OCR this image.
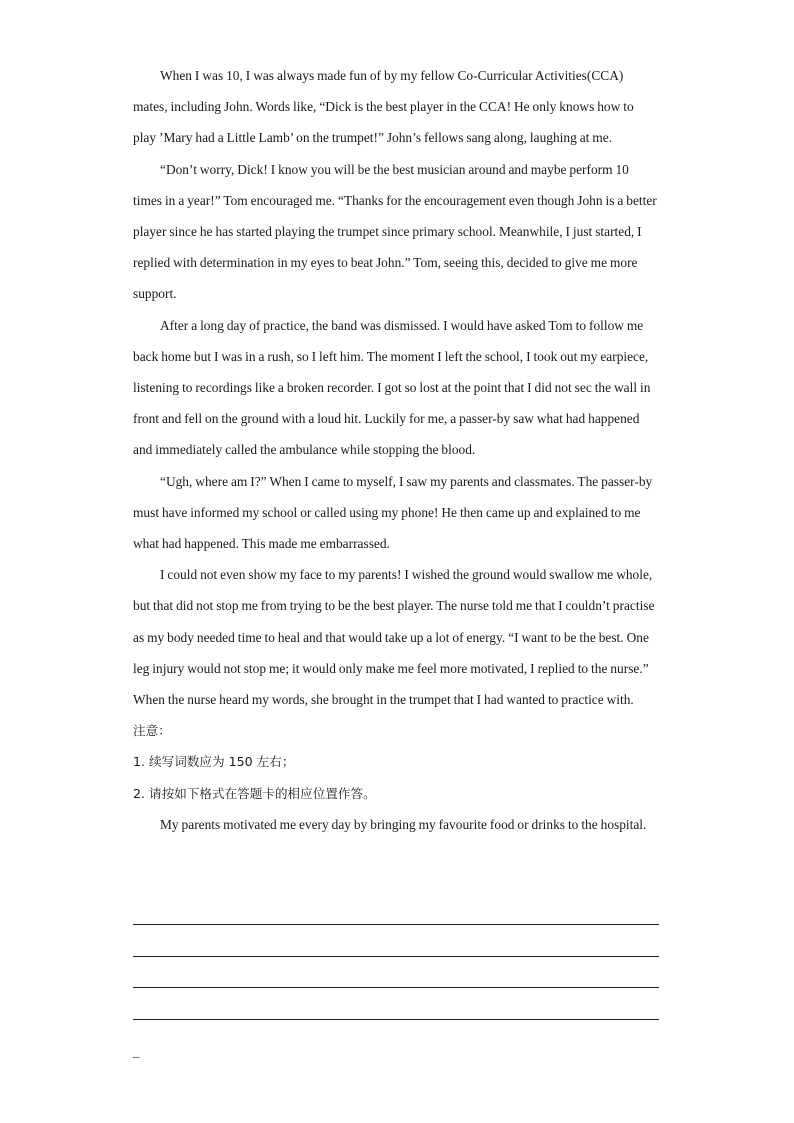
When I was 10, I was always made fun of by my fellow Co-Curricular Activities(CCA) mates, including John. Words like, “Dick is the best player in the CCA! He only knows how to play ’Mary had a Little Lamb’ on the trumpet!” John’s fellows sang along, laughing at me.

“Don’t worry, Dick! I know you will be the best musician around and maybe perform 10 times in a year!” Tom encouraged me. “Thanks for the encouragement even though John is a better player since he has started playing the trumpet since primary school. Meanwhile, I just started, I replied with determination in my eyes to beat John.” Tom, seeing this, decided to give me more support.

After a long day of practice, the band was dismissed. I would have asked Tom to follow me back home but I was in a rush, so I left him. The moment I left the school, I took out my earpiece, listening to recordings like a broken recorder. I got so lost at the point that I did not sec the wall in front and fell on the ground with a loud hit. Luckily for me, a passer-by saw what had happened and immediately called the ambulance while stopping the blood.

“Ugh, where am I?” When I came to myself, I saw my parents and classmates. The passer-by must have informed my school or called using my phone! He then came up and explained to me what had happened. This made me embarrassed.

I could not even show my face to my parents! I wished the ground would swallow me whole, but that did not stop me from trying to be the best player. The nurse told me that I couldn’t practise as my body needed time to heal and that would take up a lot of energy. “I want to be the best. One leg injury would not stop me; it would only make me feel more motivated, I replied to the nurse.” When the nurse heard my words, she brought in the trumpet that I had wanted to practice with.

注意：

1. 续写词数应为 150 左右；

2. 请按如下格式在答题卡的相应位置作答。

My parents motivated me every day by bringing my favourite food or drinks to the hospital.

_
